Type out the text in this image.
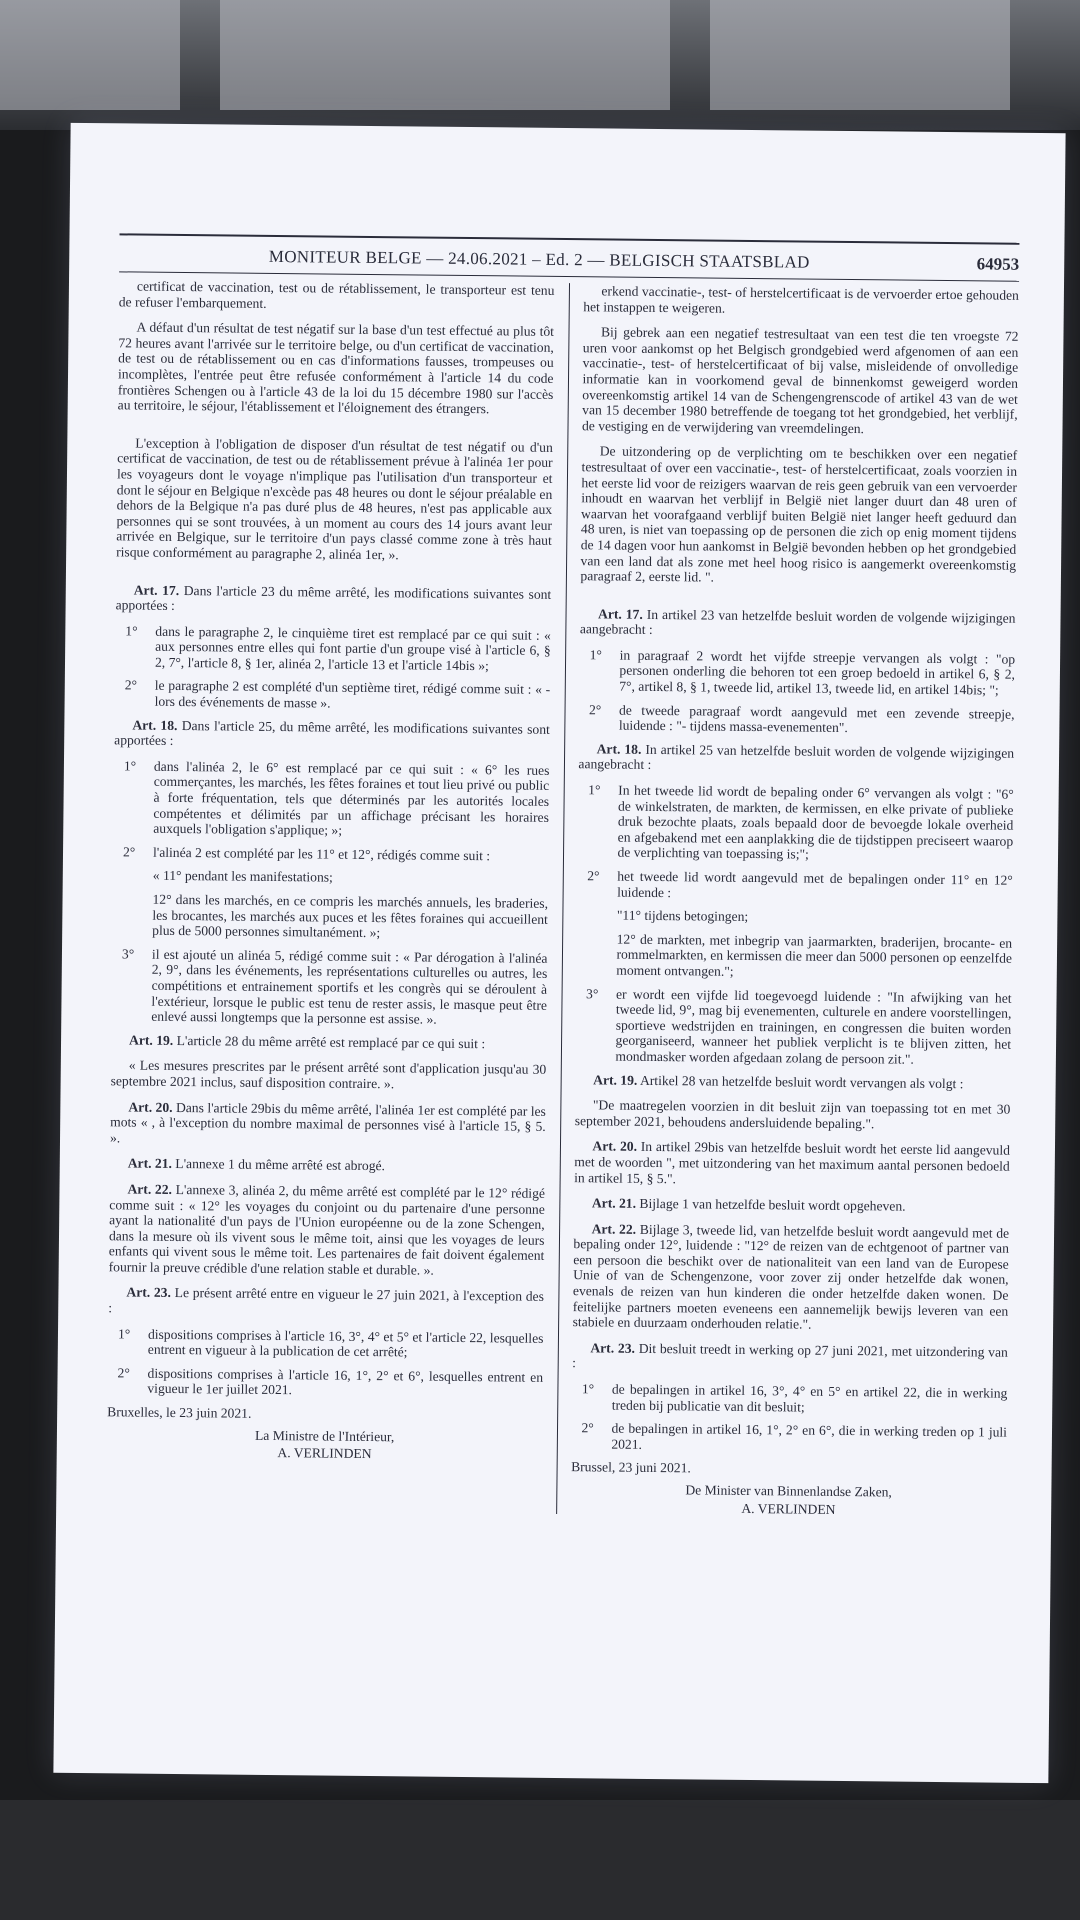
MONITEUR BELGE — 24.06.2021 – Ed. 2 — BELGISCH STAATSBLAD	64953

certificat de vaccination, test ou de rétablissement, le transporteur est tenu de refuser l'embarquement.

A défaut d'un résultat de test négatif sur la base d'un test effectué au plus tôt 72 heures avant l'arrivée sur le territoire belge, ou d'un certificat de vaccination, de test ou de rétablissement ou en cas d'informations fausses, trompeuses ou incomplètes, l'entrée peut être refusée conformément à l'article 14 du code frontières Schengen ou à l'article 43 de la loi du 15 décembre 1980 sur l'accès au territoire, le séjour, l'établissement et l'éloignement des étrangers.

L'exception à l'obligation de disposer d'un résultat de test négatif ou d'un certificat de vaccination, de test ou de rétablissement prévue à l'alinéa 1er pour les voyageurs dont le voyage n'implique pas l'utilisation d'un transporteur et dont le séjour en Belgique n'excède pas 48 heures ou dont le séjour préalable en dehors de la Belgique n'a pas duré plus de 48 heures, n'est pas applicable aux personnes qui se sont trouvées, à un moment au cours des 14 jours avant leur arrivée en Belgique, sur le territoire d'un pays classé comme zone à très haut risque conformément au paragraphe 2, alinéa 1er, ».

Art. 17. Dans l'article 23 du même arrêté, les modifications suivantes sont apportées :

1°	dans le paragraphe 2, le cinquième tiret est remplacé par ce qui suit : « aux personnes entre elles qui font partie d'un groupe visé à l'article 6, § 2, 7°, l'article 8, § 1er, alinéa 2, l'article 13 et l'article 14bis »;
2°	le paragraphe 2 est complété d'un septième tiret, rédigé comme suit : « - lors des événements de masse ».

Art. 18. Dans l'article 25, du même arrêté, les modifications suivantes sont apportées :

1°	dans l'alinéa 2, le 6° est remplacé par ce qui suit : « 6° les rues commerçantes, les marchés, les fêtes foraines et tout lieu privé ou public à forte fréquentation, tels que déterminés par les autorités locales compétentes et délimités par un affichage précisant les horaires auxquels l'obligation s'applique; »;
2°	l'alinéa 2 est complété par les 11° et 12°, rédigés comme suit :
« 11° pendant les manifestations;
12° dans les marchés, en ce compris les marchés annuels, les braderies, les brocantes, les marchés aux puces et les fêtes foraines qui accueillent plus de 5000 personnes simultanément. »;
3°	il est ajouté un alinéa 5, rédigé comme suit : « Par dérogation à l'alinéa 2, 9°, dans les événements, les représentations culturelles ou autres, les compétitions et entrainement sportifs et les congrès qui se déroulent à l'extérieur, lorsque le public est tenu de rester assis, le masque peut être enlevé aussi longtemps que la personne est assise. ».

Art. 19. L'article 28 du même arrêté est remplacé par ce qui suit :

« Les mesures prescrites par le présent arrêté sont d'application jusqu'au 30 septembre 2021 inclus, sauf disposition contraire. ».

Art. 20. Dans l'article 29bis du même arrêté, l'alinéa 1er est complété par les mots « , à l'exception du nombre maximal de personnes visé à l'article 15, § 5. ».

Art. 21. L'annexe 1 du même arrêté est abrogé.

Art. 22. L'annexe 3, alinéa 2, du même arrêté est complété par le 12° rédigé comme suit : « 12° les voyages du conjoint ou du partenaire d'une personne ayant la nationalité d'un pays de l'Union européenne ou de la zone Schengen, dans la mesure où ils vivent sous le même toit, ainsi que les voyages de leurs enfants qui vivent sous le même toit. Les partenaires de fait doivent également fournir la preuve crédible d'une relation stable et durable. ».

Art. 23. Le présent arrêté entre en vigueur le 27 juin 2021, à l'exception des :

1°	dispositions comprises à l'article 16, 3°, 4° et 5° et l'article 22, lesquelles entrent en vigueur à la publication de cet arrêté;
2°	dispositions comprises à l'article 16, 1°, 2° et 6°, lesquelles entrent en vigueur le 1er juillet 2021.
Bruxelles, le 23 juin 2021.
La Ministre de l'Intérieur,
A. VERLINDEN

erkend vaccinatie-, test- of herstelcertificaat is de vervoerder ertoe gehouden het instappen te weigeren.

Bij gebrek aan een negatief testresultaat van een test die ten vroegste 72 uren voor aankomst op het Belgisch grondgebied werd afgenomen of aan een vaccinatie-, test- of herstelcertificaat of bij valse, misleidende of onvolledige informatie kan in voorkomend geval de binnenkomst geweigerd worden overeenkomstig artikel 14 van de Schengengrenscode of artikel 43 van de wet van 15 december 1980 betreffende de toegang tot het grondgebied, het verblijf, de vestiging en de verwijdering van vreemdelingen.

De uitzondering op de verplichting om te beschikken over een negatief testresultaat of over een vaccinatie-, test- of herstelcertificaat, zoals voorzien in het eerste lid voor de reizigers waarvan de reis geen gebruik van een vervoerder inhoudt en waarvan het verblijf in België niet langer duurt dan 48 uren of waarvan het voorafgaand verblijf buiten België niet langer heeft geduurd dan 48 uren, is niet van toepassing op de personen die zich op enig moment tijdens de 14 dagen voor hun aankomst in België bevonden hebben op het grondgebied van een land dat als zone met heel hoog risico is aangemerkt overeenkomstig paragraaf 2, eerste lid. ".

Art. 17. In artikel 23 van hetzelfde besluit worden de volgende wijzigingen aangebracht :

1°	in paragraaf 2 wordt het vijfde streepje vervangen als volgt : "op personen onderling die behoren tot een groep bedoeld in artikel 6, § 2, 7°, artikel 8, § 1, tweede lid, artikel 13, tweede lid, en artikel 14bis; ";
2°	de tweede paragraaf wordt aangevuld met een zevende streepje, luidende : "- tijdens massa-evenementen".

Art. 18. In artikel 25 van hetzelfde besluit worden de volgende wijzigingen aangebracht :

1°	In het tweede lid wordt de bepaling onder 6° vervangen als volgt : "6° de winkelstraten, de markten, de kermissen, en elke private of publieke druk bezochte plaats, zoals bepaald door de bevoegde lokale overheid en afgebakend met een aanplakking die de tijdstippen preciseert waarop de verplichting van toepassing is;";
2°	het tweede lid wordt aangevuld met de bepalingen onder 11° en 12° luidende :
"11° tijdens betogingen;
12° de markten, met inbegrip van jaarmarkten, braderijen, brocante- en rommelmarkten, en kermissen die meer dan 5000 personen op eenzelfde moment ontvangen.";
3°	er wordt een vijfde lid toegevoegd luidende : "In afwijking van het tweede lid, 9°, mag bij evenementen, culturele en andere voorstellingen, sportieve wedstrijden en trainingen, en congressen die buiten worden georganiseerd, wanneer het publiek verplicht is te blijven zitten, het mondmasker worden afgedaan zolang de persoon zit.".

Art. 19. Artikel 28 van hetzelfde besluit wordt vervangen als volgt :

"De maatregelen voorzien in dit besluit zijn van toepassing tot en met 30 september 2021, behoudens andersluidende bepaling.".

Art. 20. In artikel 29bis van hetzelfde besluit wordt het eerste lid aangevuld met de woorden ", met uitzondering van het maximum aantal personen bedoeld in artikel 15, § 5.".

Art. 21. Bijlage 1 van hetzelfde besluit wordt opgeheven.

Art. 22. Bijlage 3, tweede lid, van hetzelfde besluit wordt aangevuld met de bepaling onder 12°, luidende : "12° de reizen van de echtgenoot of partner van een persoon die beschikt over de nationaliteit van een land van de Europese Unie of van de Schengenzone, voor zover zij onder hetzelfde dak wonen, evenals de reizen van hun kinderen die onder hetzelfde daken wonen. De feitelijke partners moeten eveneens een aannemelijk bewijs leveren van een stabiele en duurzaam onderhouden relatie.".

Art. 23. Dit besluit treedt in werking op 27 juni 2021, met uitzondering van :

1°	de bepalingen in artikel 16, 3°, 4° en 5° en artikel 22, die in werking treden bij publicatie van dit besluit;
2°	de bepalingen in artikel 16, 1°, 2° en 6°, die in werking treden op 1 juli 2021.
Brussel, 23 juni 2021.
De Minister van Binnenlandse Zaken,
A. VERLINDEN
